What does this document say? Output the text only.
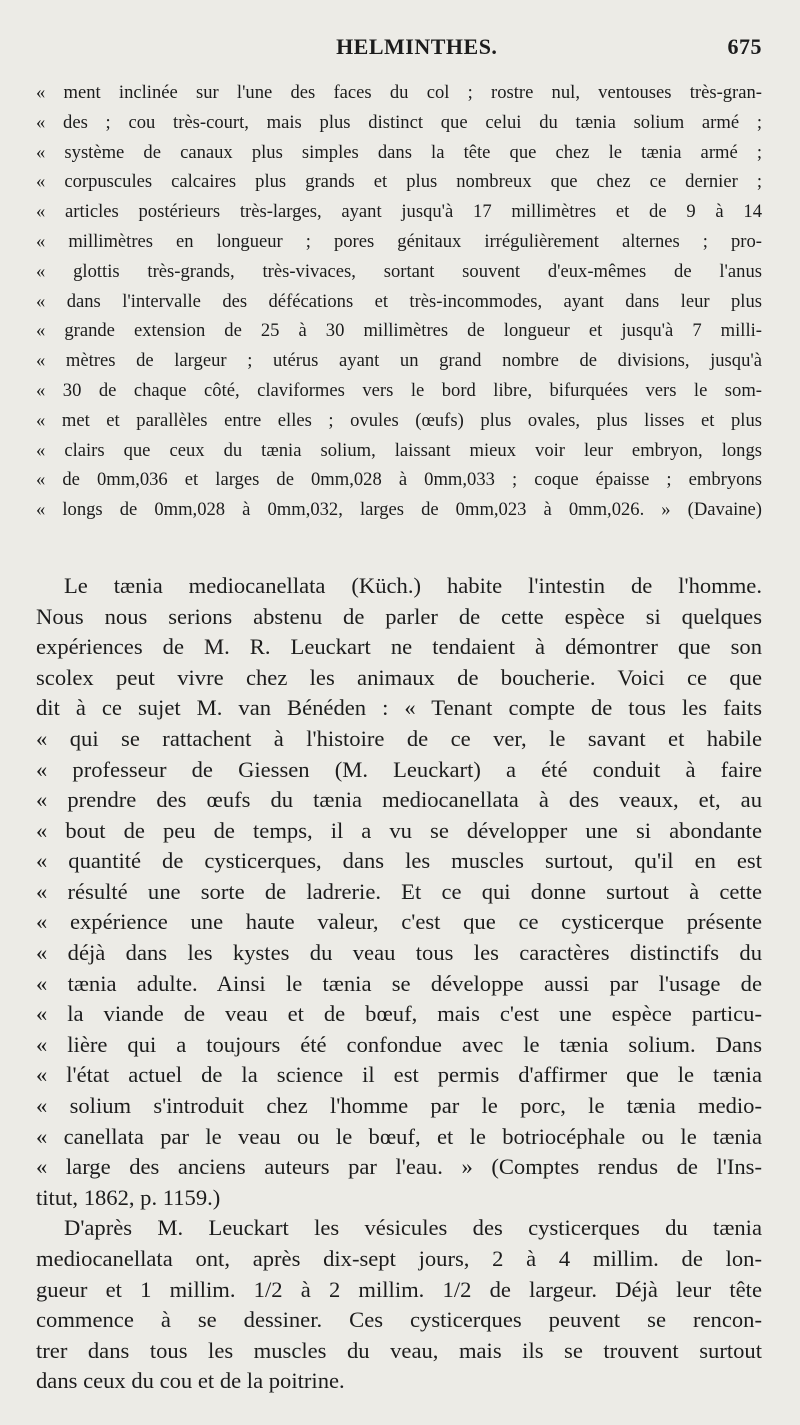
HELMINTHES.	675
« ment inclinée sur l'une des faces du col ; rostre nul, ventouses très-gran-
« des ; cou très-court, mais plus distinct que celui du tænia solium armé ;
« système de canaux plus simples dans la tête que chez le tænia armé ;
« corpuscules calcaires plus grands et plus nombreux que chez ce dernier ;
« articles postérieurs très-larges, ayant jusqu'à 17 millimètres et de 9 à 14
« millimètres en longueur ; pores génitaux irrégulièrement alternes ; pro-
« glottis très-grands, très-vivaces, sortant souvent d'eux-mêmes de l'anus
« dans l'intervalle des défécations et très-incommodes, ayant dans leur plus
« grande extension de 25 à 30 millimètres de longueur et jusqu'à 7 milli-
« mètres de largeur ; utérus ayant un grand nombre de divisions, jusqu'à
« 30 de chaque côté, claviformes vers le bord libre, bifurquées vers le som-
« met et parallèles entre elles ; ovules (œufs) plus ovales, plus lisses et plus
« clairs que ceux du tænia solium, laissant mieux voir leur embryon, longs
« de 0mm,036 et larges de 0mm,028 à 0mm,033 ; coque épaisse ; embryons
« longs de 0mm,028 à 0mm,032, larges de 0mm,023 à 0mm,026. » (Davaine)
Le tænia mediocanellata (Küch.) habite l'intestin de l'homme.
Nous nous serions abstenu de parler de cette espèce si quelques
expériences de M. R. Leuckart ne tendaient à démontrer que son
scolex peut vivre chez les animaux de boucherie. Voici ce que
dit à ce sujet M. van Bénéden : « Tenant compte de tous les faits
« qui se rattachent à l'histoire de ce ver, le savant et habile
« professeur de Giessen (M. Leuckart) a été conduit à faire
« prendre des œufs du tænia mediocanellata à des veaux, et, au
« bout de peu de temps, il a vu se développer une si abondante
« quantité de cysticerques, dans les muscles surtout, qu'il en est
« résulté une sorte de ladrerie. Et ce qui donne surtout à cette
« expérience une haute valeur, c'est que ce cysticerque présente
« déjà dans les kystes du veau tous les caractères distinctifs du
« tænia adulte. Ainsi le tænia se développe aussi par l'usage de
« la viande de veau et de bœuf, mais c'est une espèce particu-
« lière qui a toujours été confondue avec le tænia solium. Dans
« l'état actuel de la science il est permis d'affirmer que le tænia
« solium s'introduit chez l'homme par le porc, le tænia medio-
« canellata par le veau ou le bœuf, et le botriocéphale ou le tænia
« large des anciens auteurs par l'eau. » (Comptes rendus de l'Ins-
titut, 1862, p. 1159.)
D'après M. Leuckart les vésicules des cysticerques du tænia
mediocanellata ont, après dix-sept jours, 2 à 4 millim. de lon-
gueur et 1 millim. 1/2 à 2 millim. 1/2 de largeur. Déjà leur tête
commence à se dessiner. Ces cysticerques peuvent se rencon-
trer dans tous les muscles du veau, mais ils se trouvent surtout
dans ceux du cou et de la poitrine.
